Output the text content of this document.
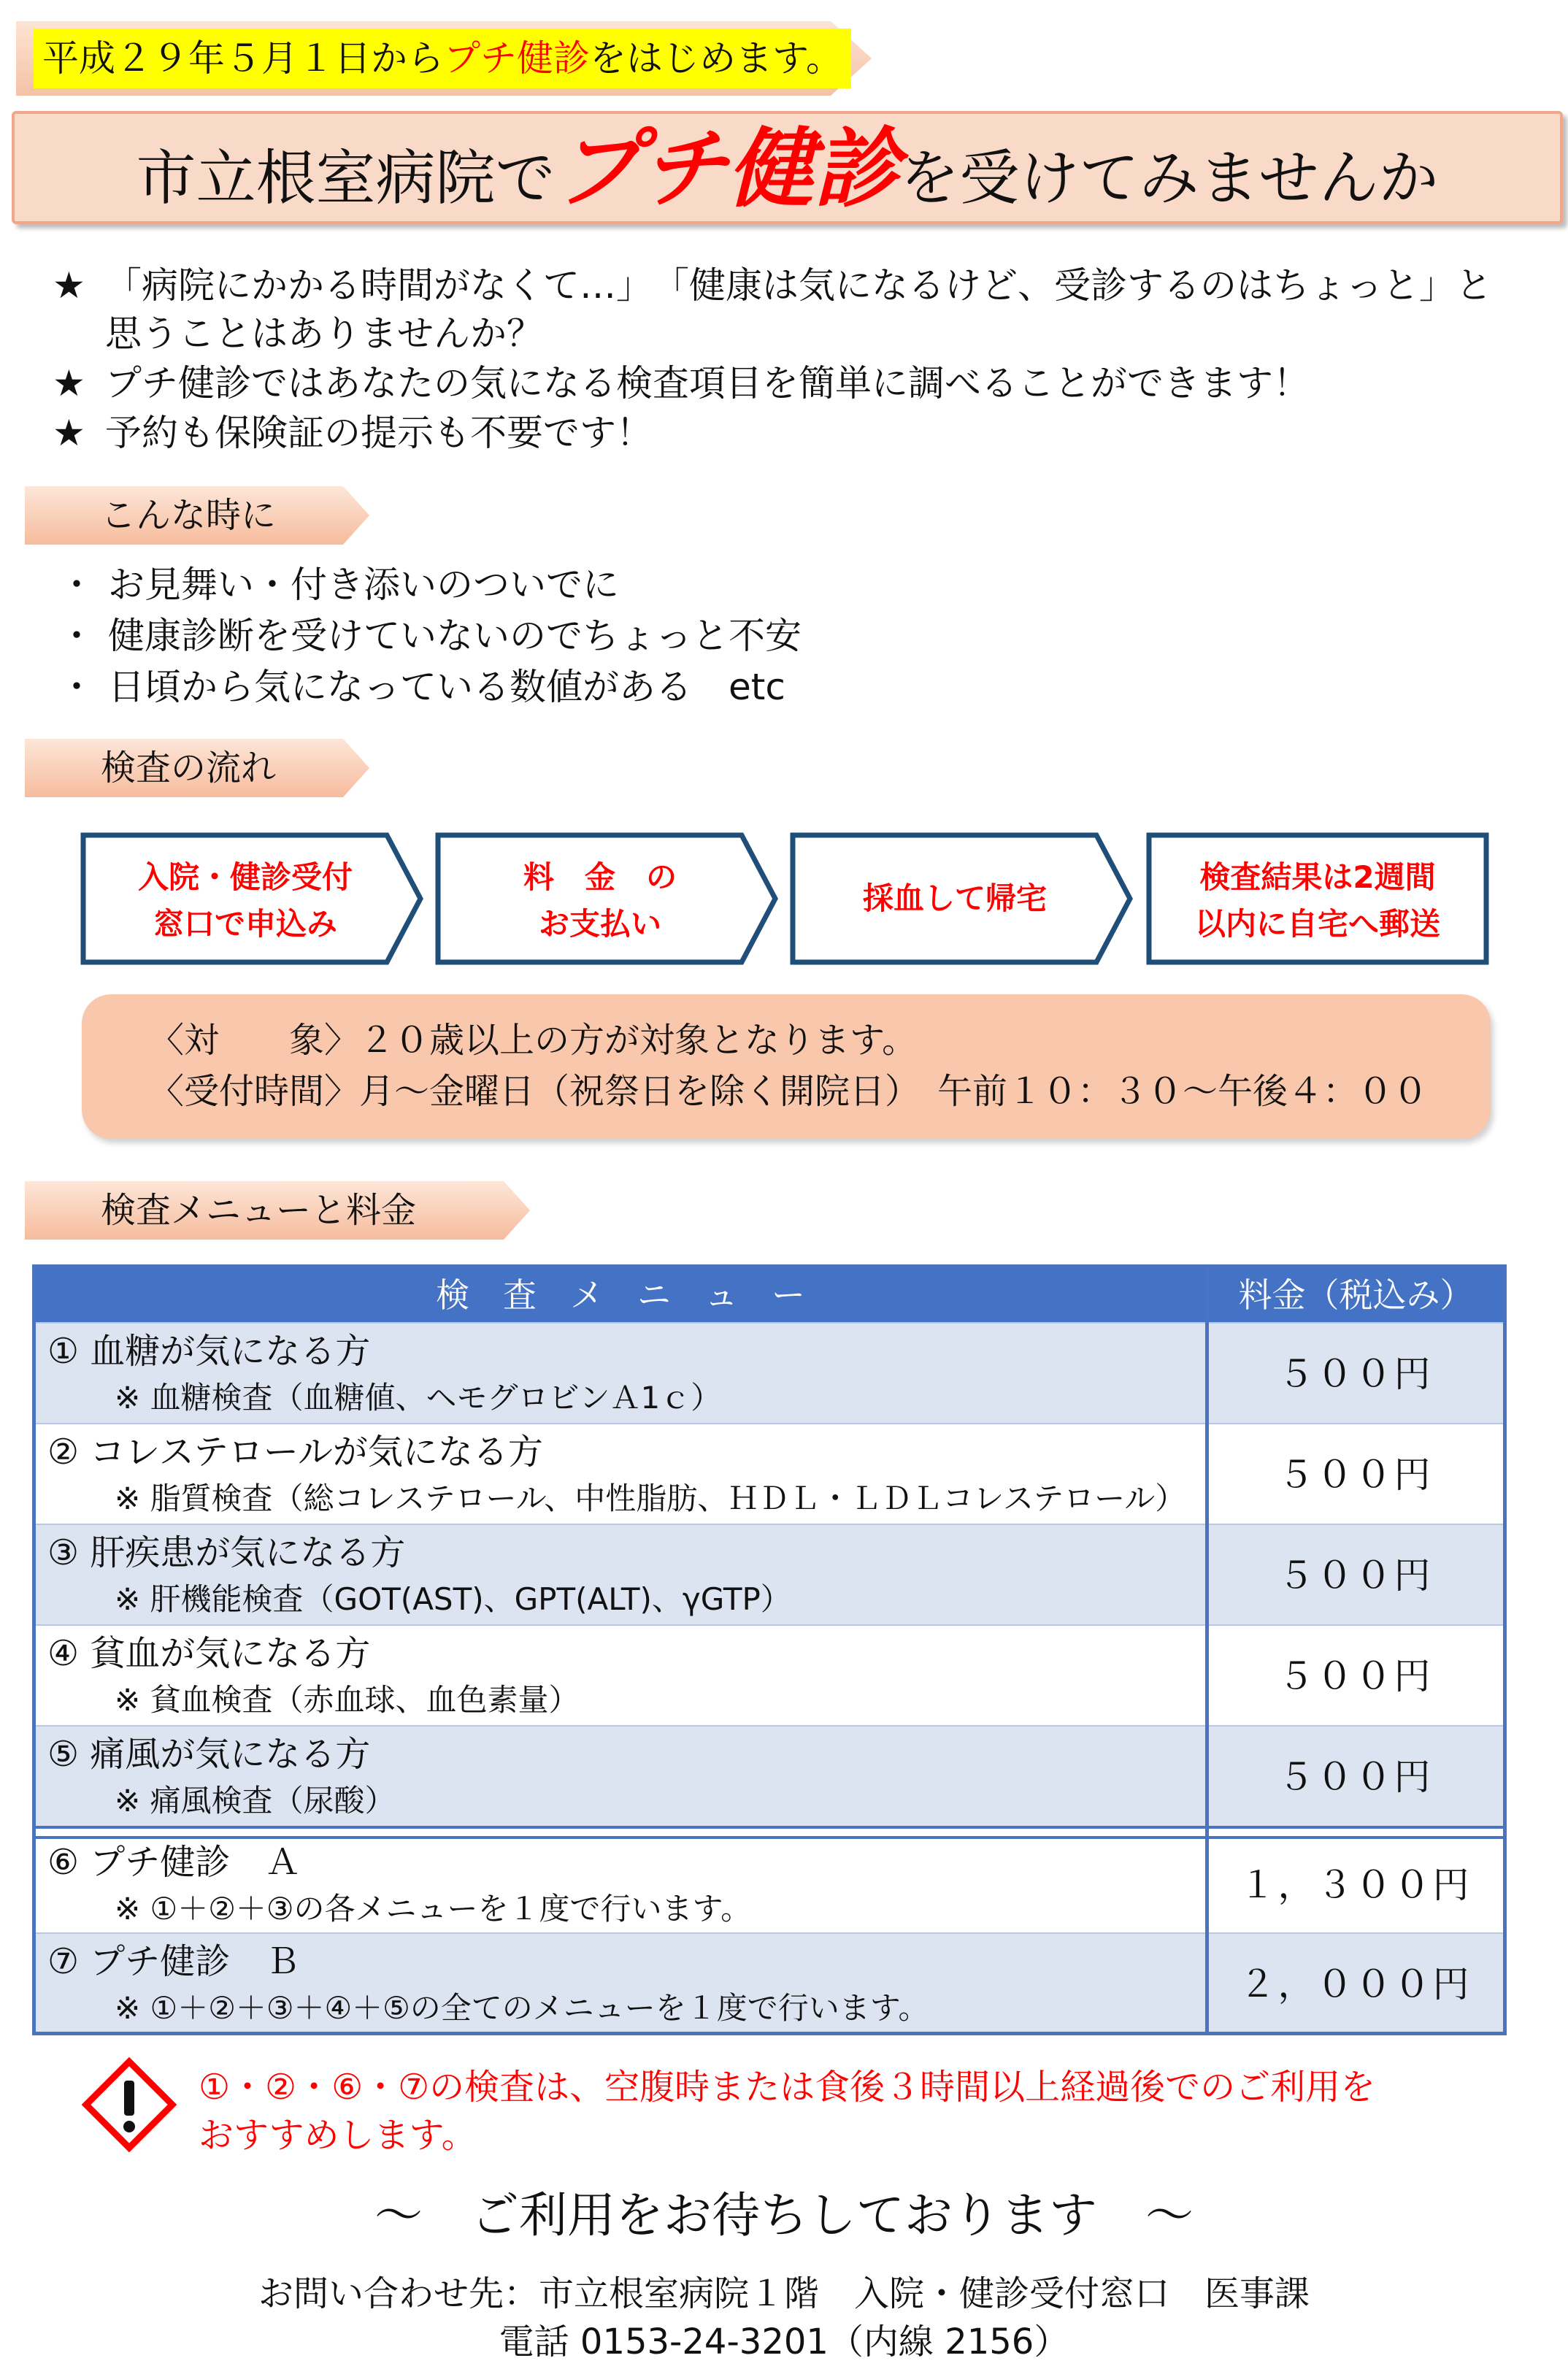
平成２９年５月１日からプチ健診をはじめます。
市立根室病院でプチ健診を受けてみませんか
★ 「病院にかかる時間がなくて…」　「健康は気になるけど、受診するのはちょっと」と
思うことはありませんか？
★ プチ健診ではあなたの気になる検査項目を簡単に調べることができます！
★ 予約も保険証の提示も不要です！
こんな時に
・ お見舞い・付き添いのついでに
・ 健康診断を受けていないのでちょっと不安
・ 日頃から気になっている数値がある　etc
検査の流れ
入院・健診受付
窓口で申込み
料　金　の
お支払い
採血して帰宅
検査結果は2週間
以内に自宅へ郵送
〈対　　象〉２０歳以上の方が対象となります。
〈受付時間〉月～金曜日（祝祭日を除く開院日）　午前１０：３０～午後４：００
検査メニューと料金
検　査　メ　ニ　ュ　ー	料金（税込み）
① 血糖が気になる方
※ 血糖検査（血糖値、ヘモグロビンＡ1ｃ）
５００円
② コレステロールが気になる方
※ 脂質検査（総コレステロール、中性脂肪、ＨＤＬ・ＬＤＬコレステロール）
５００円
③ 肝疾患が気になる方
※ 肝機能検査（GOT(AST)、GPT(ALT)、γGTP）
５００円
④ 貧血が気になる方
※ 貧血検査（赤血球、血色素量）
５００円
⑤ 痛風が気になる方
※ 痛風検査（尿酸）
５００円
⑥ プチ健診　Ａ
※ ①＋②＋③の各メニューを１度で行います。
１，３００円
⑦ プチ健診　Ｂ
※ ①＋②＋③＋④＋⑤の全てのメニューを１度で行います。
２，０００円
①・②・⑥・⑦の検査は、空腹時または食後３時間以上経過後でのご利用を
おすすめします。
～　ご利用をお待ちしております　～
お問い合わせ先：市立根室病院１階　入院・健診受付窓口　医事課
電話 0153-24-3201（内線 2156）
